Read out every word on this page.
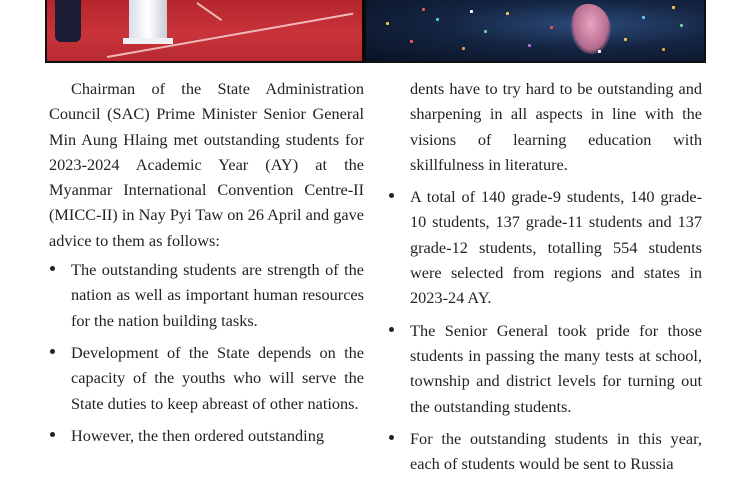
Chairman of the State Administration Council (SAC) Prime Minister Senior General Min Aung Hlaing met outstanding students for 2023-2024 Academic Year (AY) at the Myanmar International Convention Centre-II (MICC-II) in Nay Pyi Taw on 26 April and gave advice to them as follows:

The outstanding students are strength of the nation as well as important human resources for the nation building tasks.
Development of the State depends on the capacity of the youths who will serve the State duties to keep abreast of other nations.
However, the then ordered outstanding

dents have to try hard to be outstanding and sharpening in all aspects in line with the visions of learning education with skillfulness in literature.

A total of 140 grade-9 students, 140 grade-10 students, 137 grade-11 students and 137 grade-12 students, totalling 554 students were selected from regions and states in 2023-24 AY.
The Senior General took pride for those students in passing the many tests at school, township and district levels for turning out the outstanding students.
For the outstanding students in this year, each of students would be sent to Russia
